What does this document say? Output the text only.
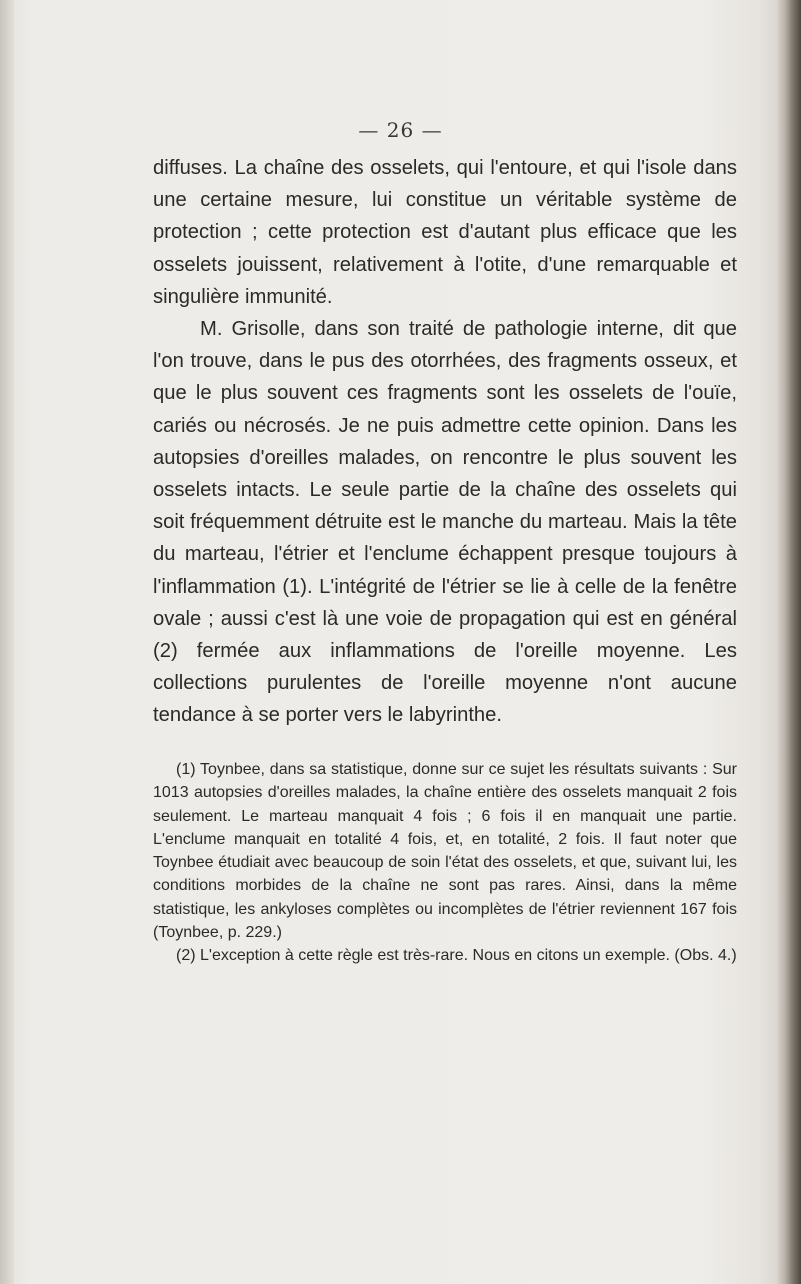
— 26 —

diffuses. La chaîne des osselets, qui l'entoure, et qui l'isole dans une certaine mesure, lui constitue un véritable système de protection ; cette protection est d'autant plus efficace que les osselets jouissent, relativement à l'otite, d'une remarquable et singulière immunité.

M. Grisolle, dans son traité de pathologie interne, dit que l'on trouve, dans le pus des otorrhées, des fragments osseux, et que le plus souvent ces fragments sont les osselets de l'ouïe, cariés ou nécrosés. Je ne puis admettre cette opinion. Dans les autopsies d'oreilles malades, on rencontre le plus souvent les osselets intacts. Le seule partie de la chaîne des osselets qui soit fréquemment détruite est le manche du marteau. Mais la tête du marteau, l'étrier et l'enclume échappent presque toujours à l'inflammation (1). L'intégrité de l'étrier se lie à celle de la fenêtre ovale ; aussi c'est là une voie de propagation qui est en général (2) fermée aux inflammations de l'oreille moyenne. Les collections purulentes de l'oreille moyenne n'ont aucune tendance à se porter vers le labyrinthe.

(1) Toynbee, dans sa statistique, donne sur ce sujet les résultats suivants : Sur 1013 autopsies d'oreilles malades, la chaîne entière des osselets manquait 2 fois seulement. Le marteau manquait 4 fois ; 6 fois il en manquait une partie. L'enclume manquait en totalité 4 fois, et, en totalité, 2 fois. Il faut noter que Toynbee étudiait avec beaucoup de soin l'état des osselets, et que, suivant lui, les conditions morbides de la chaîne ne sont pas rares. Ainsi, dans la même statistique, les ankyloses complètes ou incomplètes de l'étrier reviennent 167 fois (Toynbee, p. 229.)

(2) L'exception à cette règle est très-rare. Nous en citons un exemple. (Obs. 4.)
